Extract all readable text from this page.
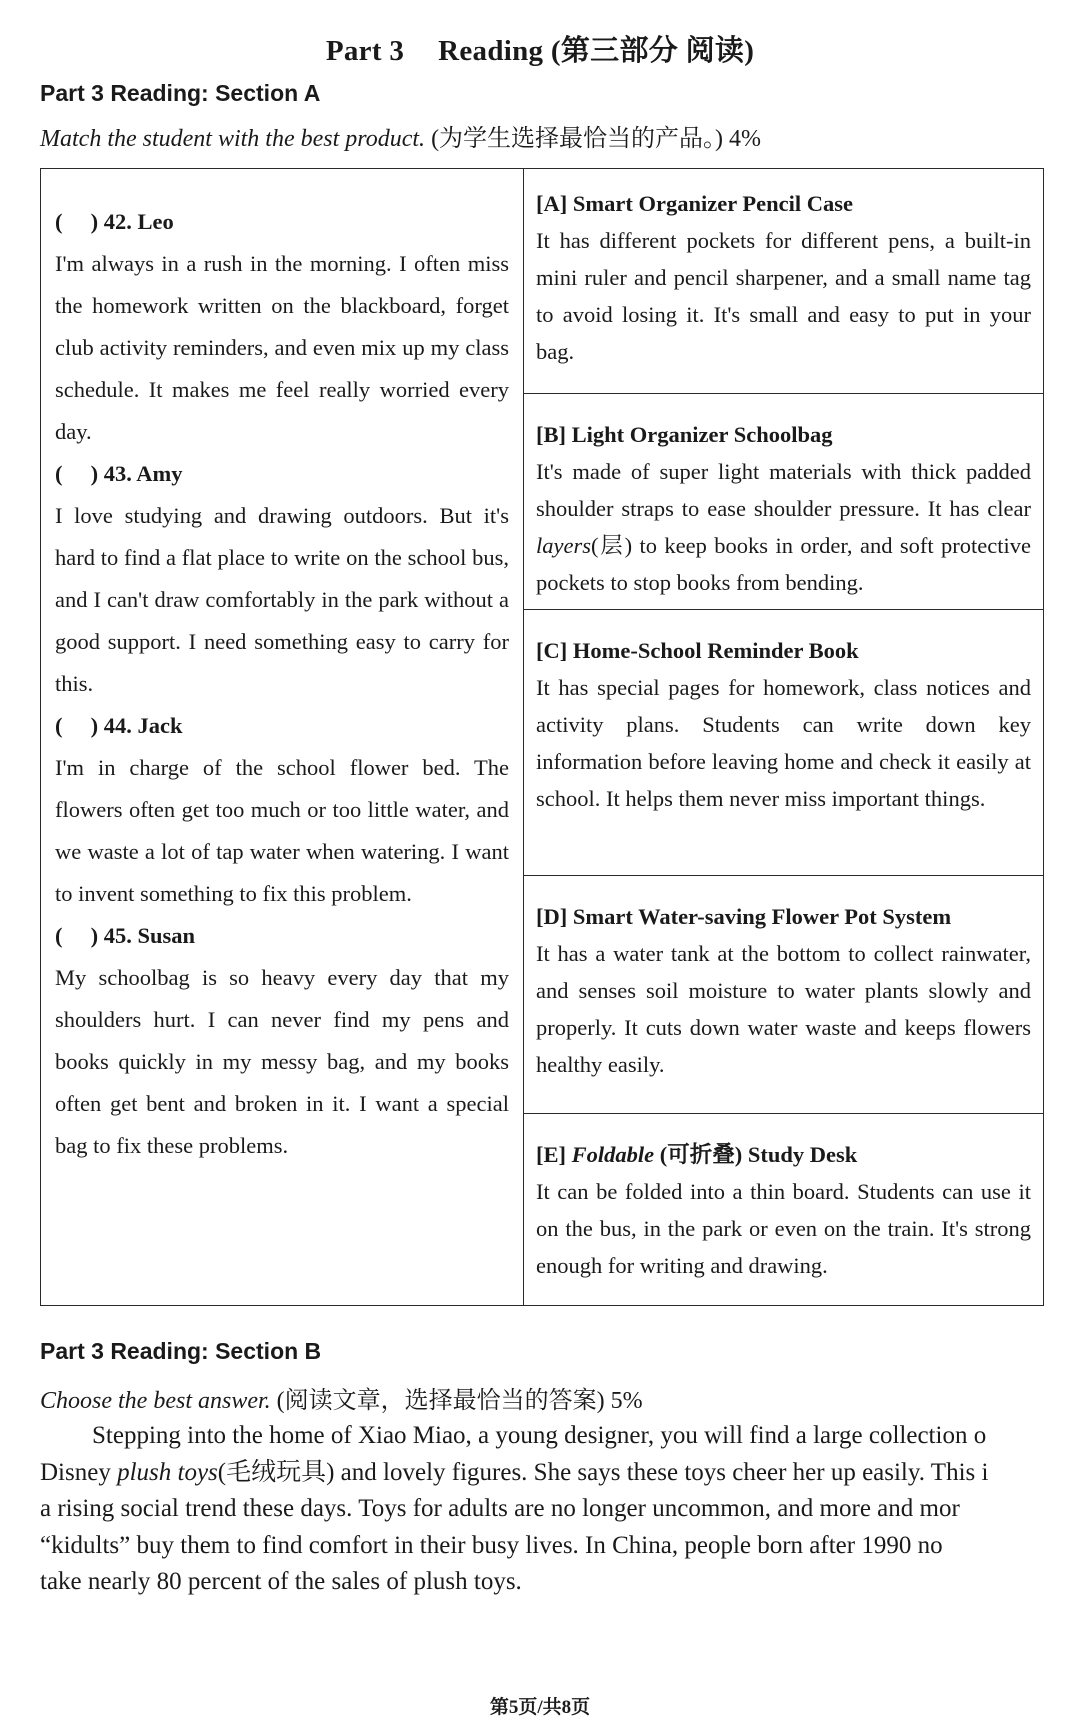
Part 3 Reading (第三部分 阅读)
Part 3 Reading: Section A
Match the student with the best product. (为学生选择最恰当的产品。) 4%
(     ) 42. Leo
I'm always in a rush in the morning. I often miss the homework written on the blackboard, forget club activity reminders, and even mix up my class schedule. It makes me feel really worried every day.
(     ) 43. Amy
I love studying and drawing outdoors. But it's hard to find a flat place to write on the school bus, and I can't draw comfortably in the park without a good support. I need something easy to carry for this.
(     ) 44. Jack
I'm in charge of the school flower bed. The flowers often get too much or too little water, and we waste a lot of tap water when watering. I want to invent something to fix this problem.
(     ) 45. Susan
My schoolbag is so heavy every day that my shoulders hurt. I can never find my pens and books quickly in my messy bag, and my books often get bent and broken in it. I want a special bag to fix these problems.

[A] Smart Organizer Pencil Case
It has different pockets for different pens, a built-in mini ruler and pencil sharpener, and a small name tag to avoid losing it. It's small and easy to put in your bag.
[B] Light Organizer Schoolbag
It's made of super light materials with thick padded shoulder straps to ease shoulder pressure. It has clear layers(层) to keep books in order, and soft protective pockets to stop books from bending.
[C] Home-School Reminder Book
It has special pages for homework, class notices and activity plans. Students can write down key information before leaving home and check it easily at school. It helps them never miss important things.
[D] Smart Water-saving Flower Pot System
It has a water tank at the bottom to collect rainwater, and senses soil moisture to water plants slowly and properly. It cuts down water waste and keeps flowers healthy easily.
[E] Foldable (可折叠) Study Desk
It can be folded into a thin board. Students can use it on the bus, in the park or even on the train. It's strong enough for writing and drawing.
Part 3 Reading: Section B
Choose the best answer. (阅读文章，选择最恰当的答案) 5%
Stepping into the home of Xiao Miao, a young designer, you will find a large collection o
Disney plush toys(毛绒玩具) and lovely figures. She says these toys cheer her up easily. This i
a rising social trend these days. Toys for adults are no longer uncommon, and more and mor
“kidults” buy them to find comfort in their busy lives. In China, people born after 1990 no
take nearly 80 percent of the sales of plush toys.
第5页/共8页
